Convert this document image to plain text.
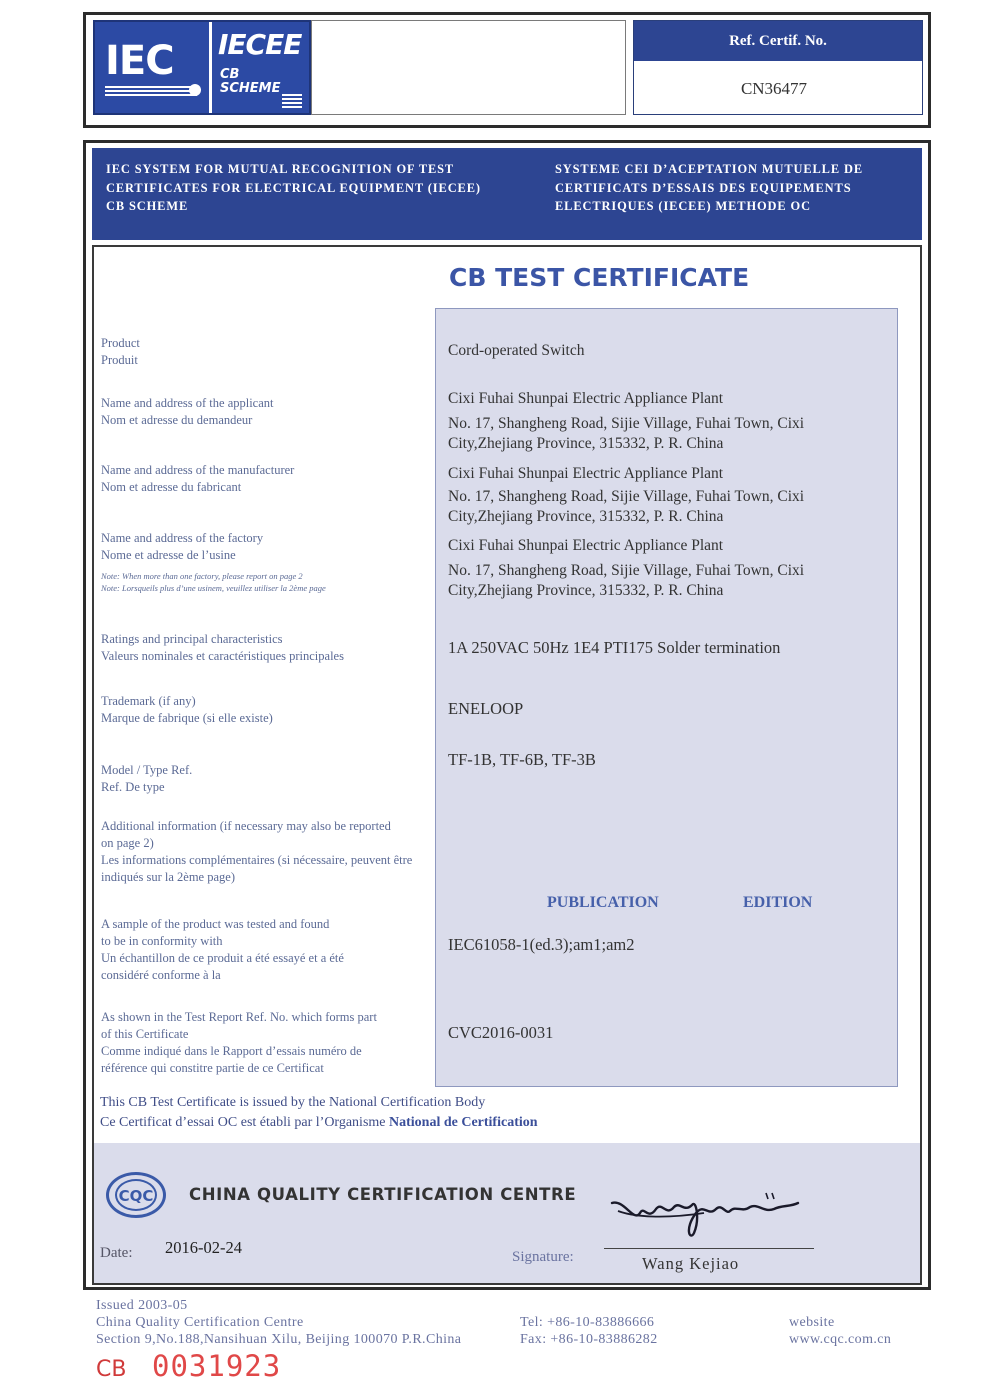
IEC IECEE
CB
SCHEME
Ref. Certif. No.
CN36477
IEC SYSTEM FOR MUTUAL RECOGNITION OF TEST
CERTIFICATES FOR ELECTRICAL EQUIPMENT (IECEE)
CB SCHEME
SYSTEME CEI D’ACEPTATION MUTUELLE DE
CERTIFICATS D’ESSAIS DES EQUIPEMENTS
ELECTRIQUES (IECEE) METHODE OC
CB TEST CERTIFICATE
Product
Produit
Cord-operated Switch
Name and address of the applicant
Nom et adresse du demandeur
Cixi Fuhai Shunpai Electric Appliance Plant
No. 17, Shangheng Road, Sijie Village, Fuhai Town, Cixi
City,Zhejiang Province, 315332, P. R. China
Name and address of the manufacturer
Nom et adresse du fabricant
Cixi Fuhai Shunpai Electric Appliance Plant
No. 17, Shangheng Road, Sijie Village, Fuhai Town, Cixi
City,Zhejiang Province, 315332, P. R. China
Name and address of the factory
Nome et adresse de l’usine
Note: When more than one factory, please report on page 2
Note: Lorsqueils plus d’une usinem, veuillez utiliser la 2ème page
Cixi Fuhai Shunpai Electric Appliance Plant
No. 17, Shangheng Road, Sijie Village, Fuhai Town, Cixi
City,Zhejiang Province, 315332, P. R. China
Ratings and principal characteristics
Valeurs nominales et caractéristiques principales	1A 250VAC 50Hz 1E4 PTI175 Solder termination
Trademark (if any)
Marque de fabrique (si elle existe)	ENELOOP
Model / Type Ref.
Ref. De type
TF-1B, TF-6B, TF-3B
Additional information (if necessary may also be reported
on page 2)
Les informations complémentaires (si nécessaire, peuvent être
indiqués sur la 2ème page)
PUBLICATION	EDITION
A sample of the product was tested and found
to be in conformity with
Un échantillon de ce produit a été essayé et a été
considéré conforme à la
IEC61058-1(ed.3);am1;am2
As shown in the Test Report Ref. No. which forms part
of this Certificate
Comme indiqué dans le Rapport d’essais numéro de
référence qui constitre partie de ce Certificat
CVC2016-0031
This CB Test Certificate is issued by the National Certification Body
Ce Certificat d’essai OC est établi par l’Organisme National de Certification
CQC CHINA QUALITY CERTIFICATION CENTRE
Date: 2016-02-24	Signature:	Wang Kejiao
Issued 2003-05
China Quality Certification Centre
Section 9,No.188,Nansihuan Xilu, Beijing 100070 P.R.China
Tel: +86-10-83886666
Fax: +86-10-83886282
website
www.cqc.com.cn
CB 0031923
